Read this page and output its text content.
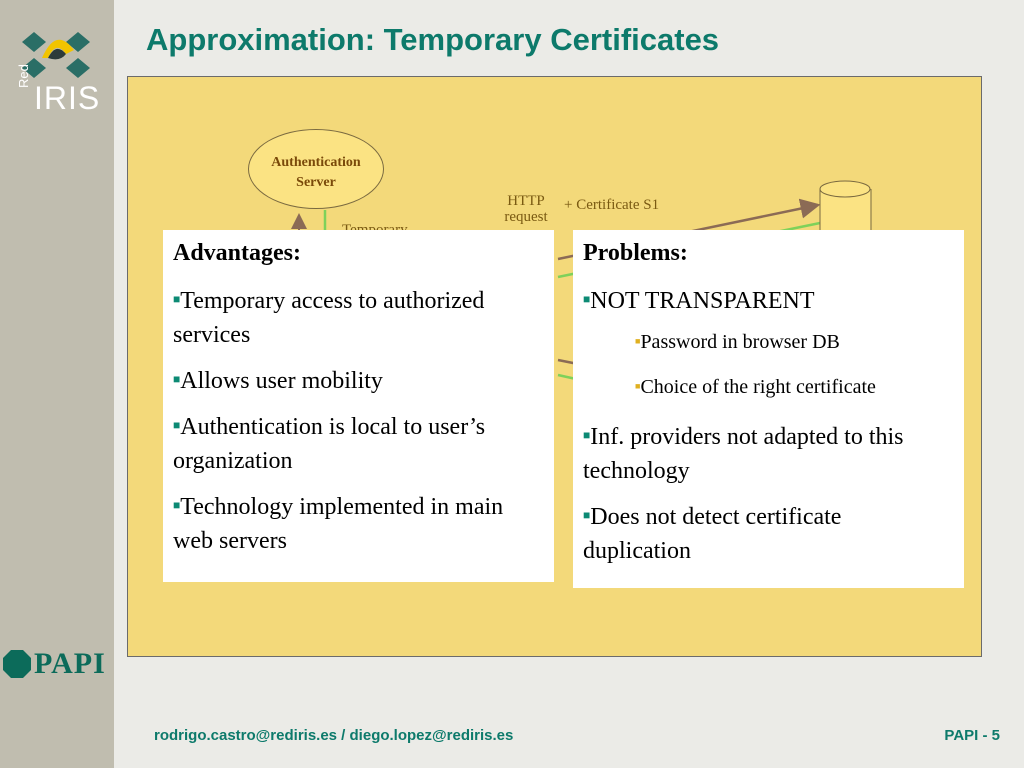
Red
IRIS
PAPI
Approximation: Temporary Certificates
Authentication
Server
HTTP
request
+ Certificate S1
Advantages:
■Temporary access to authorized services
■Allows user mobility
■Authentication is local to user’s organization
■Technology implemented in main web servers
Problems:
■NOT TRANSPARENT
■Password in browser DB
■Choice of the right certificate
■Inf. providers not adapted to this technology
■Does not detect certificate duplication
rodrigo.castro@rediris.es / diego.lopez@rediris.es	PAPI - 5
